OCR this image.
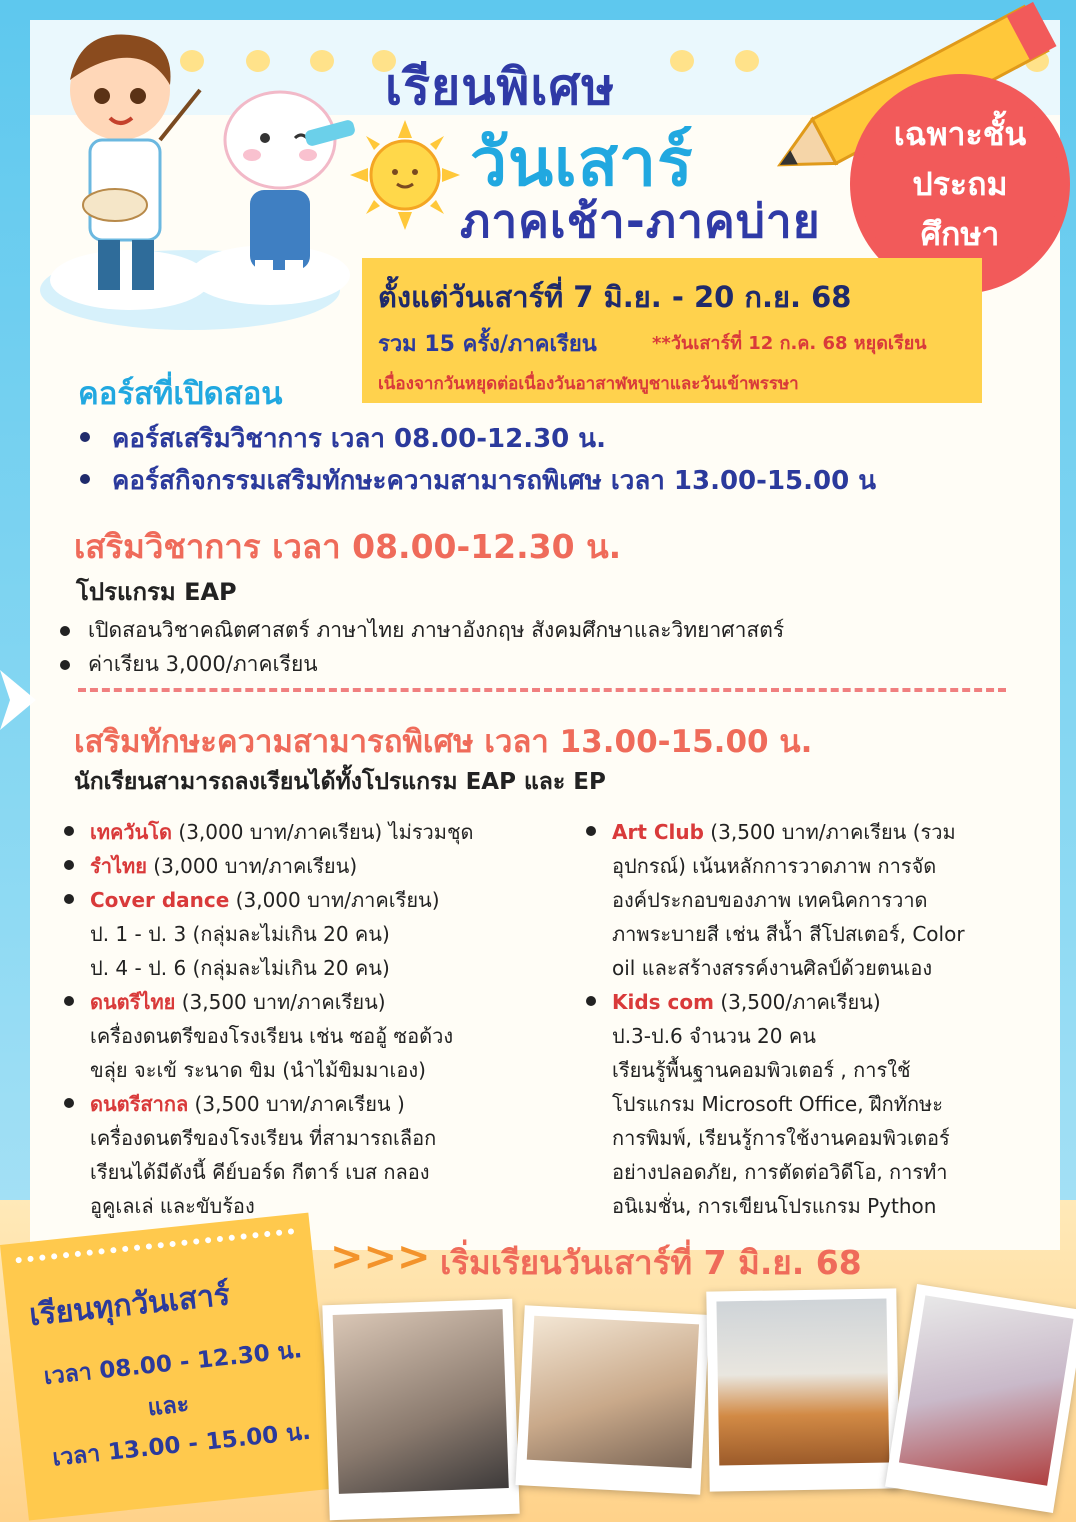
เรียนพิเศษ
วันเสาร์
ภาคเช้า-ภาคบ่าย
เฉพาะชั้น
ประถม
ศึกษา
ตั้งแต่วันเสาร์ที่ 7 มิ.ย. - 20 ก.ย. 68
รวม 15 ครั้ง/ภาคเรียน	**วันเสาร์ที่ 12 ก.ค. 68 หยุดเรียน
เนื่องจากวันหยุดต่อเนื่องวันอาสาฬหบูชาและวันเข้าพรรษา
คอร์สที่เปิดสอน
คอร์สเสริมวิชาการ เวลา 08.00-12.30 น.
คอร์สกิจกรรมเสริมทักษะความสามารถพิเศษ เวลา 13.00-15.00 น
เสริมวิชาการ เวลา 08.00-12.30 น.
โปรแกรม EAP
เปิดสอนวิชาคณิตศาสตร์ ภาษาไทย ภาษาอังกฤษ สังคมศึกษาและวิทยาศาสตร์
ค่าเรียน 3,000/ภาคเรียน
เสริมทักษะความสามารถพิเศษ เวลา 13.00-15.00 น.
นักเรียนสามารถลงเรียนได้ทั้งโปรแกรม EAP และ EP
เทควันโด (3,000 บาท/ภาคเรียน) ไม่รวมชุด
รำไทย (3,000 บาท/ภาคเรียน)
Cover dance (3,000 บาท/ภาคเรียน)
ป. 1 - ป. 3 (กลุ่มละไม่เกิน 20 คน)
ป. 4 - ป. 6 (กลุ่มละไม่เกิน 20 คน)
ดนตรีไทย (3,500 บาท/ภาคเรียน)
เครื่องดนตรีของโรงเรียน เช่น ซออู้ ซอด้วง
ขลุ่ย จะเข้ ระนาด ขิม (นำไม้ขิมมาเอง)
ดนตรีสากล (3,500 บาท/ภาคเรียน )
เครื่องดนตรีของโรงเรียน ที่สามารถเลือก
เรียนได้มีดังนี้ คีย์บอร์ด กีตาร์ เบส กลอง
อูคูเลเล่ และขับร้อง
Art Club (3,500 บาท/ภาคเรียน (รวม
อุปกรณ์) เน้นหลักการวาดภาพ การจัด
องค์ประกอบของภาพ เทคนิคการวาด
ภาพระบายสี เช่น สีน้ำ สีโปสเตอร์, Color
oil และสร้างสรรค์งานศิลป์ด้วยตนเอง
Kids com (3,500/ภาคเรียน)
ป.3-ป.6 จำนวน 20 คน
เรียนรู้พื้นฐานคอมพิวเตอร์ , การใช้
โปรแกรม Microsoft Office, ฝึกทักษะ
การพิมพ์, เรียนรู้การใช้งานคอมพิวเตอร์
อย่างปลอดภัย, การตัดต่อวิดีโอ, การทำ
อนิเมชั่น, การเขียนโปรแกรม Python
>>> เริ่มเรียนวันเสาร์ที่ 7 มิ.ย. 68
เรียนทุกวันเสาร์
เวลา 08.00 - 12.30 น.
และ
เวลา 13.00 - 15.00 น.
